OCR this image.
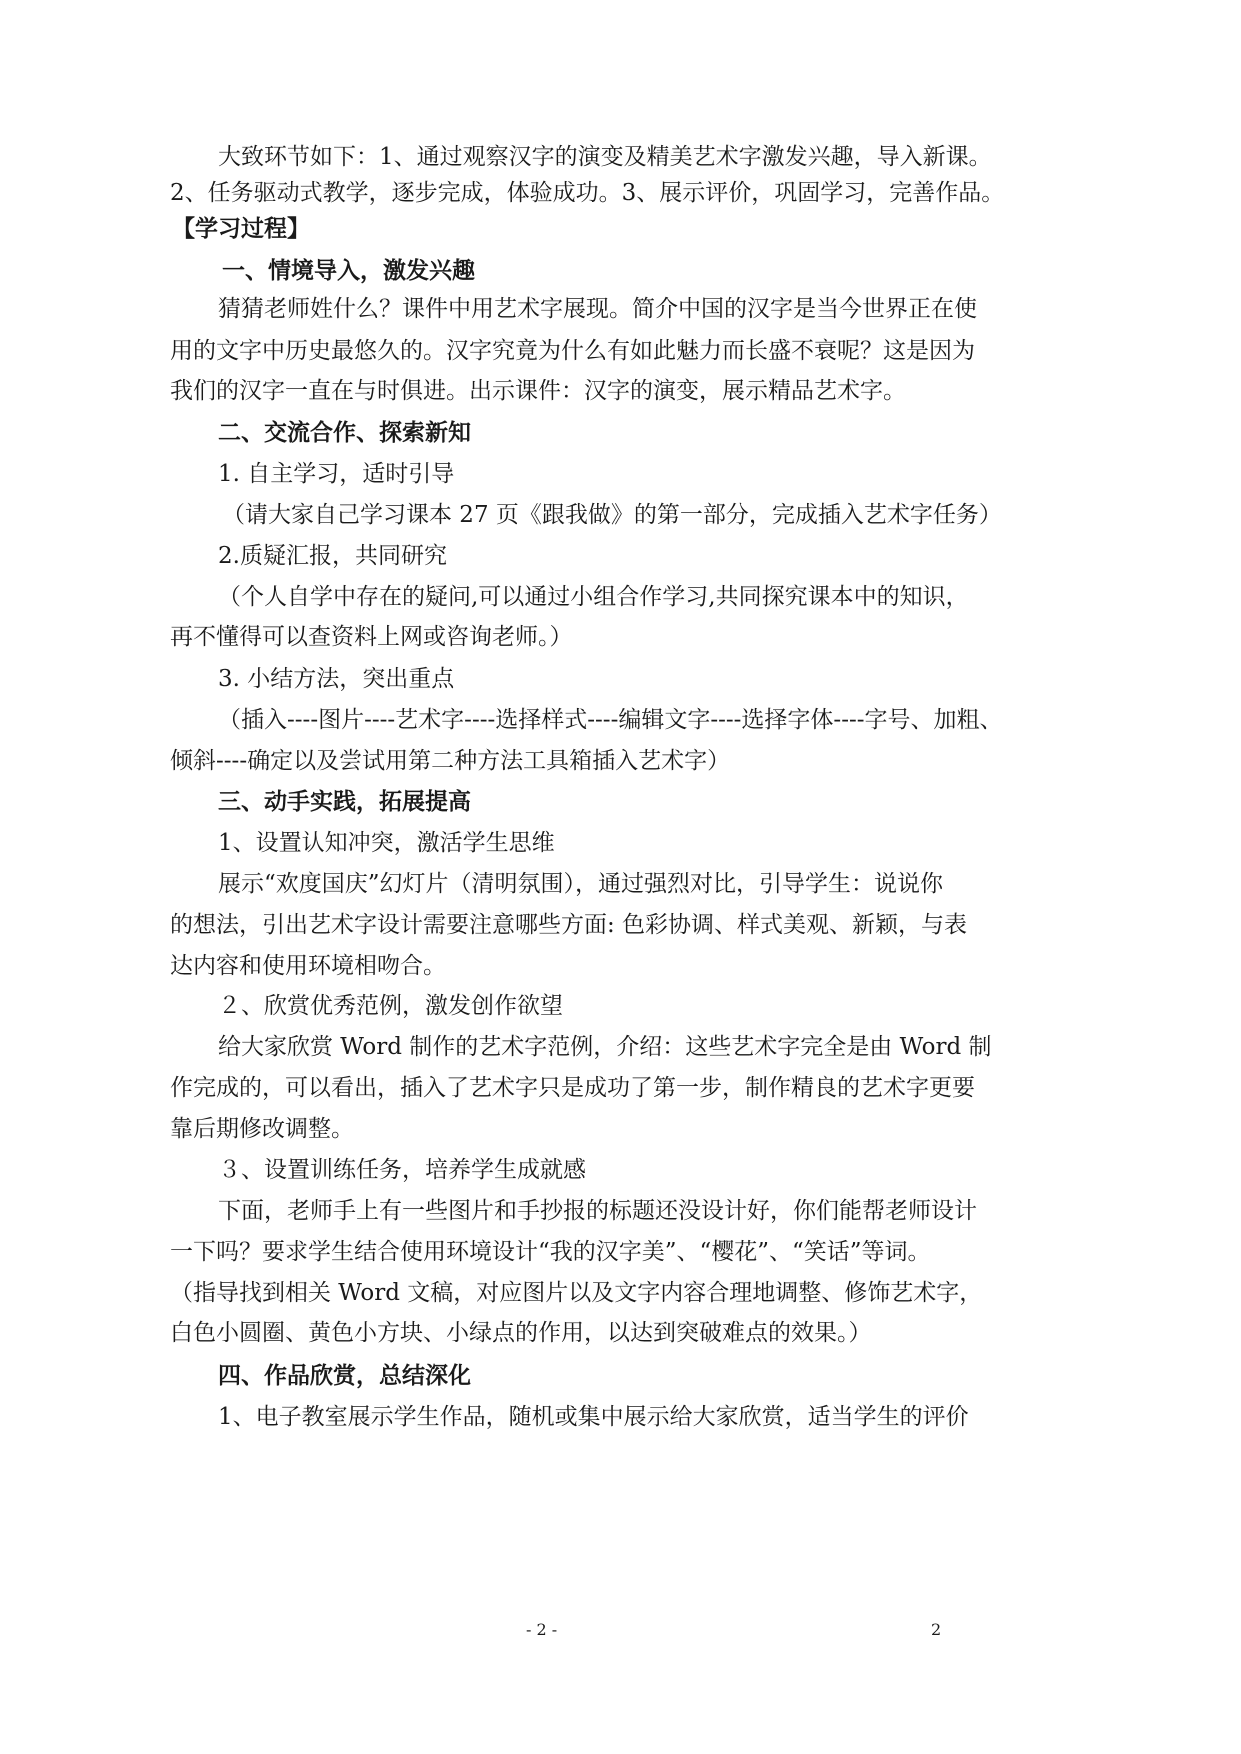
大致环节如下：1、通过观察汉字的演变及精美艺术字激发兴趣，导入新课。
2、任务驱动式教学，逐步完成，体验成功。3、展示评价，巩固学习，完善作品。
【学习过程】
一、情境导入，激发兴趣
猜猜老师姓什么？课件中用艺术字展现。简介中国的汉字是当今世界正在使
用的文字中历史最悠久的。汉字究竟为什么有如此魅力而长盛不衰呢？这是因为
我们的汉字一直在与时俱进。出示课件：汉字的演变，展示精品艺术字。
二、交流合作、探索新知
1. 自主学习，适时引导
（请大家自己学习课本 27 页《跟我做》的第一部分，完成插入艺术字任务）
2.质疑汇报，共同研究
（个人自学中存在的疑问,可以通过小组合作学习,共同探究课本中的知识，
再不懂得可以查资料上网或咨询老师。）
3. 小结方法，突出重点
（插入----图片----艺术字----选择样式----编辑文字----选择字体----字号、加粗、
倾斜----确定以及尝试用第二种方法工具箱插入艺术字）
三、动手实践，拓展提高
1、设置认知冲突，激活学生思维
展示“欢度国庆”幻灯片（清明氛围），通过强烈对比，引导学生：说说你
的想法，引出艺术字设计需要注意哪些方面: 色彩协调、样式美观、新颖，与表
达内容和使用环境相吻合。
２、欣赏优秀范例，激发创作欲望
给大家欣赏 Word 制作的艺术字范例，介绍：这些艺术字完全是由 Word 制
作完成的，可以看出，插入了艺术字只是成功了第一步，制作精良的艺术字更要
靠后期修改调整。
３、设置训练任务，培养学生成就感
下面，老师手上有一些图片和手抄报的标题还没设计好，你们能帮老师设计
一下吗？要求学生结合使用环境设计“我的汉字美”、“樱花”、“笑话”等词。
（指导找到相关 Word 文稿，对应图片以及文字内容合理地调整、修饰艺术字，
白色小圆圈、黄色小方块、小绿点的作用，以达到突破难点的效果。）
四、作品欣赏，总结深化
1、电子教室展示学生作品，随机或集中展示给大家欣赏，适当学生的评价
- 2 -	2
